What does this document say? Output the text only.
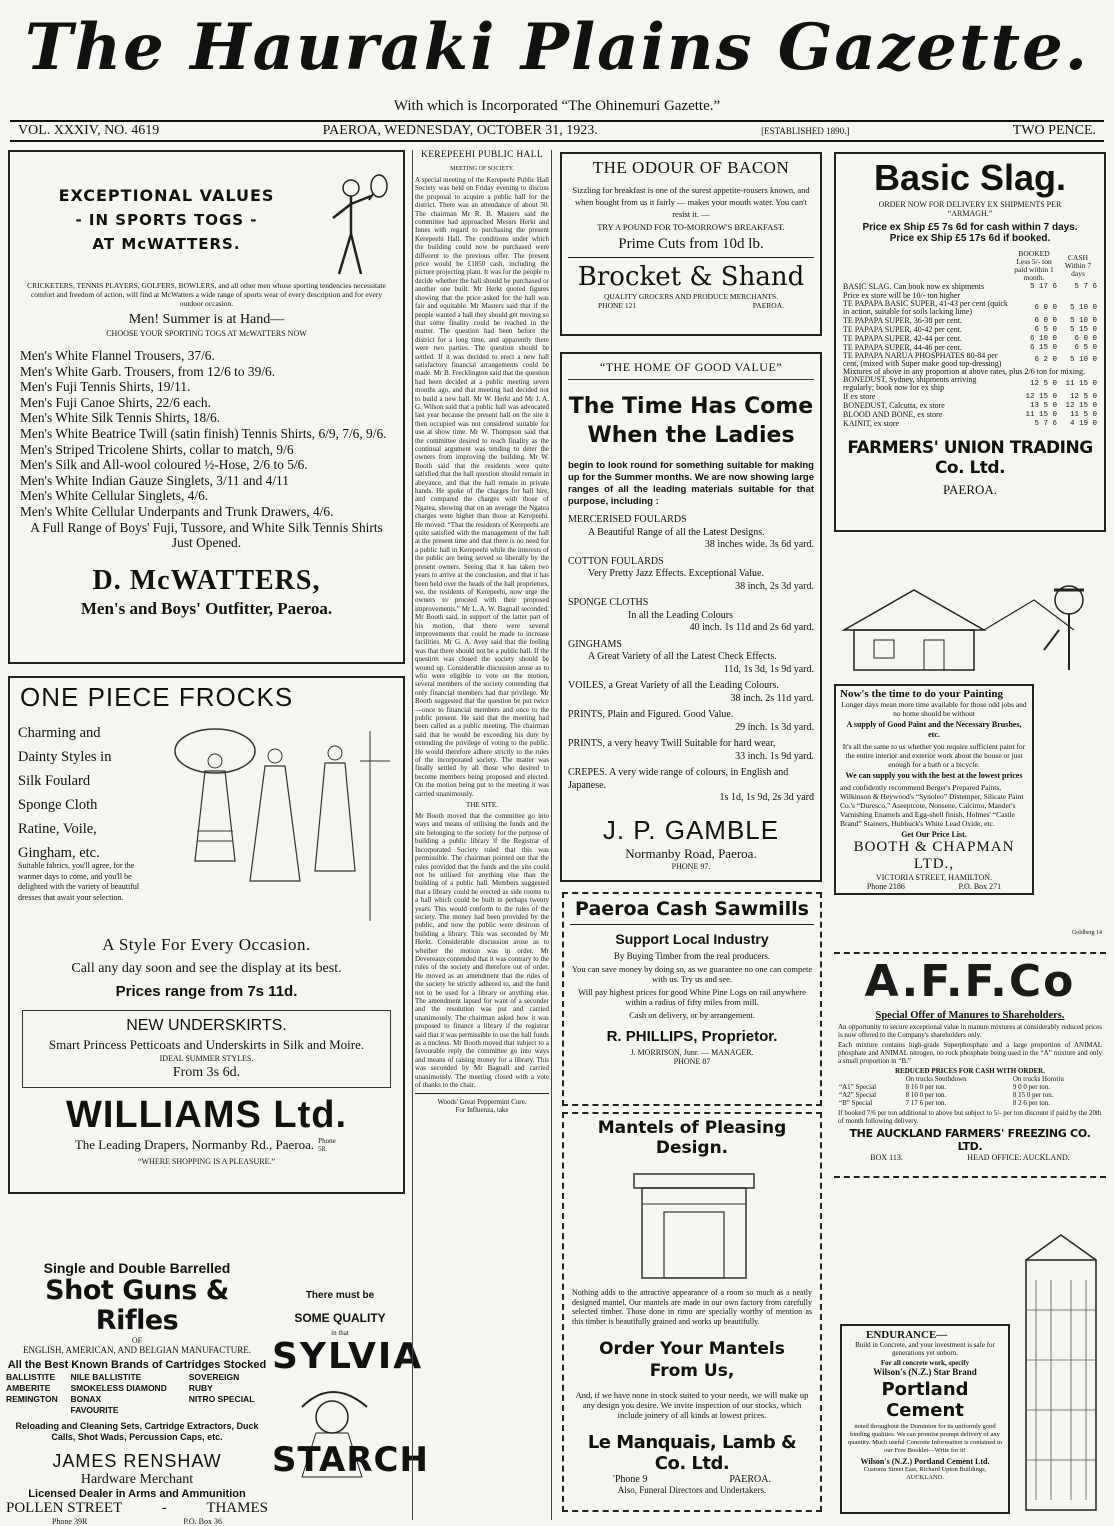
The Hauraki Plains Gazette.
With which is Incorporated “The Ohinemuri Gazette.”
VOL. XXXIV, NO. 4619	PAEROA, WEDNESDAY, OCTOBER 31, 1923.	[ESTABLISHED 1890.]	TWO PENCE.
EXCEPTIONAL VALUES
- IN SPORTS TOGS -
AT McWATTERS.

CRICKETERS, TENNIS PLAYERS, GOLFERS, BOWLERS, and all other men whose sporting tendencies necessitate comfort and freedom of action, will find at McWatters a wide range of sports wear of every description and for every outdoor occasion.

Men! Summer is at Hand—

CHOOSE YOUR SPORTING TOGS AT McWATTERS NOW

Men's White Flannel Trousers, 37/6.

Men's White Garb. Trousers, from 12/6 to 39/6.

Men's Fuji Tennis Shirts, 19/11.

Men's Fuji Canoe Shirts, 22/6 each.

Men's White Silk Tennis Shirts, 18/6.

Men's White Beatrice Twill (satin finish) Tennis Shirts, 6/9, 7/6, 9/6.

Men's Striped Tricolene Shirts, collar to match, 9/6

Men's Silk and All-wool coloured ½-Hose, 2/6 to 5/6.

Men's White Indian Gauze Singlets, 3/11 and 4/11

Men's White Cellular Singlets, 4/6.

Men's White Cellular Underpants and Trunk Drawers, 4/6.

A Full Range of Boys' Fuji, Tussore, and White Silk Tennis Shirts Just Opened.

D. McWATTERS,

Men's and Boys' Outfitter, Paeroa.

ONE PIECE FROCKS

Charming and

Dainty Styles in

Silk Foulard

Sponge Cloth

Ratine, Voile,

Gingham, etc.

Suitable fabrics, you'll agree, for the warmer days to come, and you'll be delighted with the variety of beautiful dresses that await your selection.

A Style For Every Occasion.

Call any day soon and see the display at its best.

Prices range from 7s 11d.

NEW UNDERSKIRTS.

Smart Princess Petticoats and Underskirts in Silk and Moire.

IDEAL SUMMER STYLES.

From 3s 6d.

WILLIAMS Ltd.

The Leading Drapers, Normanby Rd., Paeroa. Phone 58.

“WHERE SHOPPING IS A PLEASURE.”

Single and Double Barrelled

Shot Guns & Rifles

OF

ENGLISH, AMERICAN, AND BELGIAN MANUFACTURE.

All the Best Known Brands of Cartridges Stocked

BALLISTITE	NILE BALLISTITE	SOVEREIGN
AMBERITE	SMOKELESS DIAMOND	RUBY
REMINGTON	BONAX	NITRO SPECIAL
	FAVOURITE	

Reloading and Cleaning Sets, Cartridge Extractors, Duck Calls, Shot Wads, Percussion Caps, etc.

JAMES RENSHAW

Hardware Merchant

Licensed Dealer in Arms and Ammunition

POLLEN STREET	-	THAMES
Phone 39R	P.O. Box 36

There must be

SOME QUALITY

in that

SYLVIA

STARCH

KEREPEEHI PUBLIC HALL

MEETING OF SOCIETY.

A special meeting of the Kerepeehi Public Hall Society was held on Friday evening to discuss the proposal to acquire a public hall for the district. There was an attendance of about 50. The chairman Mr R. B. Masters said the committee had approached Messrs Herkt and Innes with regard to purchasing the present Kerepeehi Hall. The conditions under which the building could now be purchased were different to the previous offer. The present price would be £1850 cash, including the picture projecting plant. It was for the people to decide whether the hall should be purchased or another one built. Mr Herkt quoted figures showing that the price asked for the hall was fair and equitable. Mr Masters said that if the people wanted a hall they should get moving so that some finality could be reached in the matter. The question had been before the district for a long time, and apparently there were two parties. The question should be settled. If it was decided to erect a new hall satisfactory financial arrangements could be made. Mr B. Frecklington said that the question had been decided at a public meeting seven months ago, and that meeting had decided not to build a new hall. Mr W. Herkt and Mr J. A. G. Wilson said that a public hall was advocated last year because the present hall on the site it then occupied was not considered suitable for use at show time. Mr W. Thompson said that the committee desired to reach finality as the continual argument was tending to deter the owners from improving the building. Mr W. Booth said that the residents were quite satisfied that the hall question should remain in abeyance, and that the hall remain in private hands. He spoke of the charges for hall hire, and compared the charges with those of Ngatea, showing that on an average the Ngatea charges were higher than those at Kerepeehi. He moved: “That the residents of Kerepeehi are quite satisfied with the management of the hall at the present time and that there is no need for a public hall in Kerepeehi while the interests of the public are being served so liberally by the present owners. Seeing that it has taken two years to arrive at the conclusion, and that it has been held over the heads of the hall proprietors, we, the residents of Kerepeehi, now urge the owners to proceed with their proposed improvements.” Mr L. A. W. Bagnall seconded. Mr Booth said, in support of the latter part of his motion, that there were several improvements that could be made to increase facilities. Mr G. A. Avey said that the feeling was that there should not be a public hall. If the question was closed the society should be wound up. Considerable discussion arose as to who were eligible to vote on the motion, several members of the society contending that only financial members had that privilege. Mr Booth suggested that the question be put twice—once to financial members and once to the public present. He said that the meeting had been called as a public meeting. The chairman said that he would be exceeding his duty by extending the privilege of voting to the public. He would therefore adhere strictly to the rules of the incorporated society. The matter was finally settled by all those who desired to become members being proposed and elected. On the motion being put to the meeting it was carried unanimously.

THE SITE.

Mr Booth moved that the committee go into ways and means of utilising the funds and the site belonging to the society for the purpose of building a public library if the Registrar of Incorporated Society ruled that this was permissible. The chairman pointed out that the rules provided that the funds and the site could not be utilised for anything else than the building of a public hall. Members suggested that a library could be erected as side rooms to a hall which could be built in perhaps twenty years. This would conform to the rules of the society. The money had been provided by the public, and now the public were desirous of building a library. This was seconded by Mr Herkt. Considerable discussion arose as to whether the motion was in order. Mr Devereaux contended that it was contrary to the rules of the society and therefore out of order. He moved as an amendment that the rules of the society be strictly adhered to, and the fund not to be used for a library or anything else. The amendment lapsed for want of a seconder and the resolution was put and carried unanimously. The chairman asked how it was proposed to finance a library if the registrar said that it was permissible to use the hall funds as a nucleus. Mr Booth moved that subject to a favourable reply the committee go into ways and means of raising money for a library. This was seconded by Mr Bagnall and carried unanimously. The meeting closed with a vote of thanks to the chair.

Woods' Great Peppermint Cure.

For Influenza, take

THE ODOUR OF BACON

Sizzling for breakfast is one of the surest appetite-rousers known, and when bought from us it fairly — makes your mouth water. You can't resist it. —

TRY A POUND FOR TO-MORROW'S BREAKFAST.

Prime Cuts from 10d lb.

Brocket & Shand

QUALITY GROCERS AND PRODUCE MERCHANTS.

PHONE 121	PAEROA.

“THE HOME OF GOOD VALUE”

The Time Has Come

When the Ladies

begin to look round for something suitable for making up for the Summer months. We are now showing large ranges of all the leading materials suitable for that purpose, including :

MERCERISED FOULARDS

A Beautiful Range of all the Latest Designs.

38 inches wide. 3s 6d yard.

COTTON FOULARDS

Very Pretty Jazz Effects. Exceptional Value.

38 inch, 2s 3d yard.

SPONGE CLOTHS

In all the Leading Colours

40 inch. 1s 11d and 2s 6d yard.

GINGHAMS

A Great Variety of all the Latest Check Effects.

11d, 1s 3d, 1s 9d yard.

VOILES, a Great Variety of all the Leading Colours.

38 inch. 2s 11d yard.

PRINTS, Plain and Figured. Good Value.

29 inch. 1s 3d yard.

PRINTS, a very heavy Twill Suitable for hard wear,

33 inch. 1s 9d yard.

CREPES. A very wide range of colours, in English and Japanese.

1s 1d, 1s 9d, 2s 3d yard

J. P. GAMBLE

Normanby Road, Paeroa.

PHONE 97.

Paeroa Cash Sawmills

Support Local Industry

By Buying Timber from the real producers.

You can save money by doing so, as we guarantee no one can compete with us. Try us and see.

Will pay highest prices for good White Pine Logs on rail anywhere within a radius of fifty miles from mill.

Cash on delivery, or by arrangement.

R. PHILLIPS, Proprietor.

J. MORRISON, Junr. — MANAGER.

PHONE 87

Mantels of Pleasing

Design.

Nothing adds to the attractive appearance of a room so much as a neatly designed mantel. Our mantels are made in our own factory from carefully selected timber. Those done in rimu are specially worthy of mention as this timber is beautifully grained and works up beautifully.

Order Your Mantels From Us,

And, if we have none in stock suited to your needs, we will make up any design you desire. We invite inspection of our stocks, which include joinery of all kinds at lowest prices.

Le Manquais, Lamb & Co. Ltd.

'Phone 9	PAEROA.

Also, Funeral Directors and Undertakers.

Basic Slag.

ORDER NOW FOR DELIVERY EX SHIPMENTS PER “ARMAGH.”

Price ex Ship £5 7s 6d for cash within 7 days.

Price ex Ship £5 17s 6d if booked.

	BOOKED Less 5/- ton paid within 1 month.	CASH Within 7 days
BASIC SLAG. Can book now ex shipments	5 17 6	5 7 6
Price ex store will be 10/- ton higher		
TE PAPAPA BASIC SUPER, 41-43 per cent (quick in action, suitable for soils lacking lime)	6 0 0	5 10 0
TE PAPAPA SUPER, 36-38 per cent.	6 0 0	5 10 0
TE PAPAPA SUPER, 40-42 per cent.	6 5 0	5 15 0
TE PAPAPA SUPER, 42-44 per cent.	6 10 0	6 0 0
TE PAPAPA SUPER, 44-46 per cent.	6 15 0	6 5 0
TE PAPAPA NARUA PHOSPHATES 80-84 per cent, (mixed with Super make good top-dressing)	6 2 0	5 10 0
Mixtures of above in any proportion at above rates, plus 2/6 ton for mixing.		
BONEDUST, Sydney, shipments arriving regularly; book now for ex ship	12 5 0	11 15 0
If ex store	12 15 0	12 5 0
BONEDUST, Calcutta, ex store	13 5 0	12 15 0
BLOOD AND BONE, ex store	11 15 0	11 5 0
KAINIT, ex store	5 7 6	4 19 0

FARMERS' UNION TRADING Co. Ltd.

PAEROA.

Now's the time to do your Painting

Longer days mean more time available for those odd jobs and no home should be without

A supply of Good Paint and the Necessary Brushes, etc.

It's all the same to us whether you require sufficient paint for the entire interior and exterior work about the house or just enough for a bath or a bicycle.

We can supply you with the best at the lowest prices

and confidently recommend Berger's Prepared Paints, Wilkinson & Heywood's “Synoleo” Distemper, Silicate Paint Co.'s “Duresco,” Aseeptcote, Nonsene, Calcimo, Mander's Varnishing Enamels and Egg-shell finish, Holmes' “Castle Brand” Stainers, Hubbuck's White Lead Oxide, etc.

Get Our Price List.

BOOTH & CHAPMAN LTD.,

VICTORIA STREET, HAMILTON.

Phone 2186	P.O. Box 271

Goldberg 14

A.F.F.Co

Special Offer of Manures to Shareholders.

An opportunity to secure exceptional value in manure mixtures at considerably reduced prices is now offered to the Company's shareholders only.

Each mixture contains high-grade Superphosphate and a large proportion of ANIMAL phosphate and ANIMAL nitrogen, no rock phosphate being used in the “A” mixture and only a small proportion in “B.”

REDUCED PRICES FOR CASH WITH ORDER.

	On trucks Southdown	On trucks Horotiu
“A1” Special	8 16 0 per ton.	9 0 0 per ton.
“A2” Special	8 10 0 per ton.	8 15 0 per ton.
“B” Special	7 17 6 per ton.	8 2 6 per ton.

If booked 7/6 per ton additional to above but subject to 5/- per ton discount if paid by the 20th of month following delivery.

THE AUCKLAND FARMERS' FREEZING CO. LTD.

BOX 113.	HEAD OFFICE: AUCKLAND.

ENDURANCE—

Build in Concrete, and your investment is safe for generations yet unborn.

For all concrete work, specify

Wilson's (N.Z.) Star Brand

Portland Cement

noted throughout the Dominion for its uniformly good binding qualities. We can promise prompt delivery of any quantity. Much useful Concrete Information is contained in our Free Booklet—Write for it!

Wilson's (N.Z.) Portland Cement Ltd.

Customs Street East, Richard Upton Buildings, AUCKLAND.
